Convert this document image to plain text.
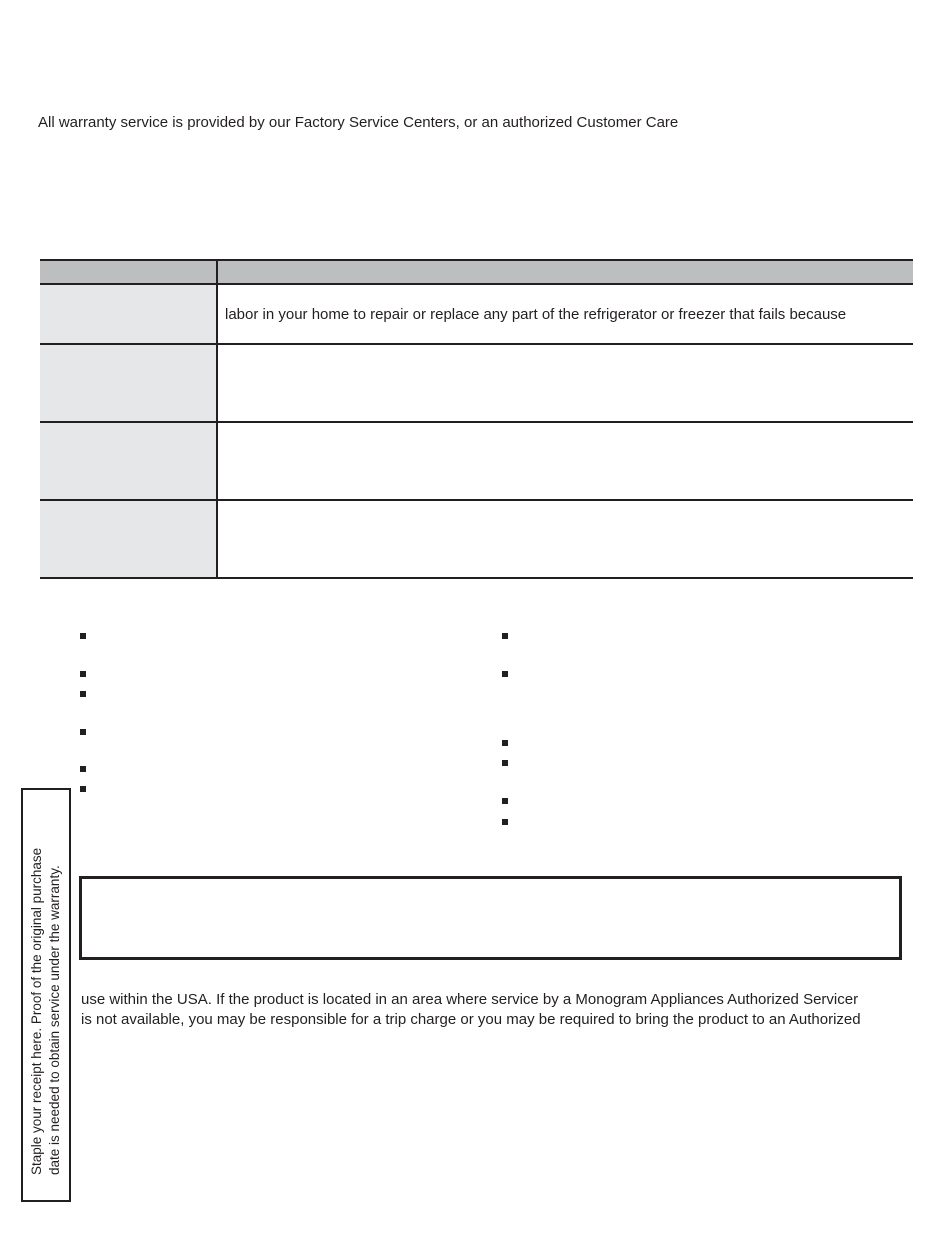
All warranty service is provided by our Factory Service Centers, or an authorized Customer Care
labor in your home to repair or replace any part of the refrigerator or freezer that fails because
Staple your receipt here. Proof of the original purchase date is needed to obtain service under the warranty. use within the USA. If the product is located in an area where service by a Monogram Appliances Authorized Servicer
is not available, you may be responsible for a trip charge or you may be required to bring the product to an Authorized
